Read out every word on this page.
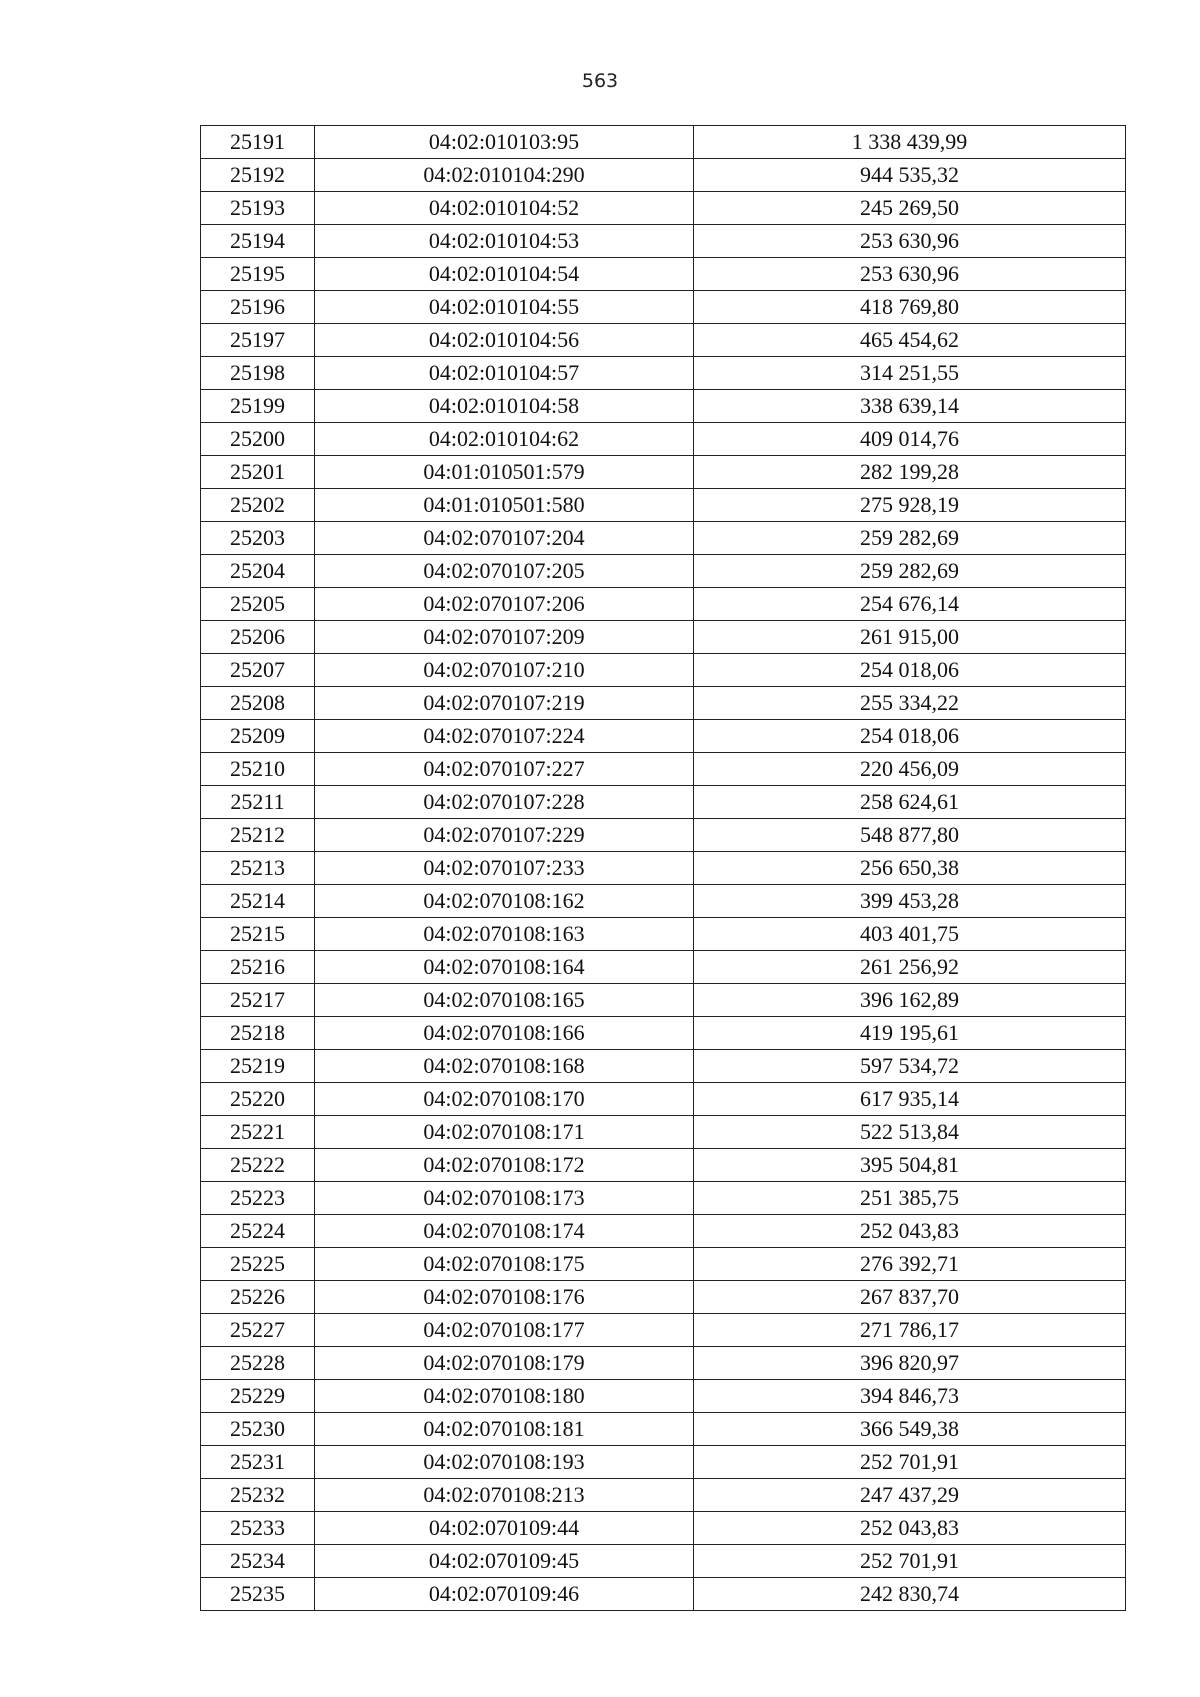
563
25191	04:02:010103:95	1 338 439,99
25192	04:02:010104:290	944 535,32
25193	04:02:010104:52	245 269,50
25194	04:02:010104:53	253 630,96
25195	04:02:010104:54	253 630,96
25196	04:02:010104:55	418 769,80
25197	04:02:010104:56	465 454,62
25198	04:02:010104:57	314 251,55
25199	04:02:010104:58	338 639,14
25200	04:02:010104:62	409 014,76
25201	04:01:010501:579	282 199,28
25202	04:01:010501:580	275 928,19
25203	04:02:070107:204	259 282,69
25204	04:02:070107:205	259 282,69
25205	04:02:070107:206	254 676,14
25206	04:02:070107:209	261 915,00
25207	04:02:070107:210	254 018,06
25208	04:02:070107:219	255 334,22
25209	04:02:070107:224	254 018,06
25210	04:02:070107:227	220 456,09
25211	04:02:070107:228	258 624,61
25212	04:02:070107:229	548 877,80
25213	04:02:070107:233	256 650,38
25214	04:02:070108:162	399 453,28
25215	04:02:070108:163	403 401,75
25216	04:02:070108:164	261 256,92
25217	04:02:070108:165	396 162,89
25218	04:02:070108:166	419 195,61
25219	04:02:070108:168	597 534,72
25220	04:02:070108:170	617 935,14
25221	04:02:070108:171	522 513,84
25222	04:02:070108:172	395 504,81
25223	04:02:070108:173	251 385,75
25224	04:02:070108:174	252 043,83
25225	04:02:070108:175	276 392,71
25226	04:02:070108:176	267 837,70
25227	04:02:070108:177	271 786,17
25228	04:02:070108:179	396 820,97
25229	04:02:070108:180	394 846,73
25230	04:02:070108:181	366 549,38
25231	04:02:070108:193	252 701,91
25232	04:02:070108:213	247 437,29
25233	04:02:070109:44	252 043,83
25234	04:02:070109:45	252 701,91
25235	04:02:070109:46	242 830,74
